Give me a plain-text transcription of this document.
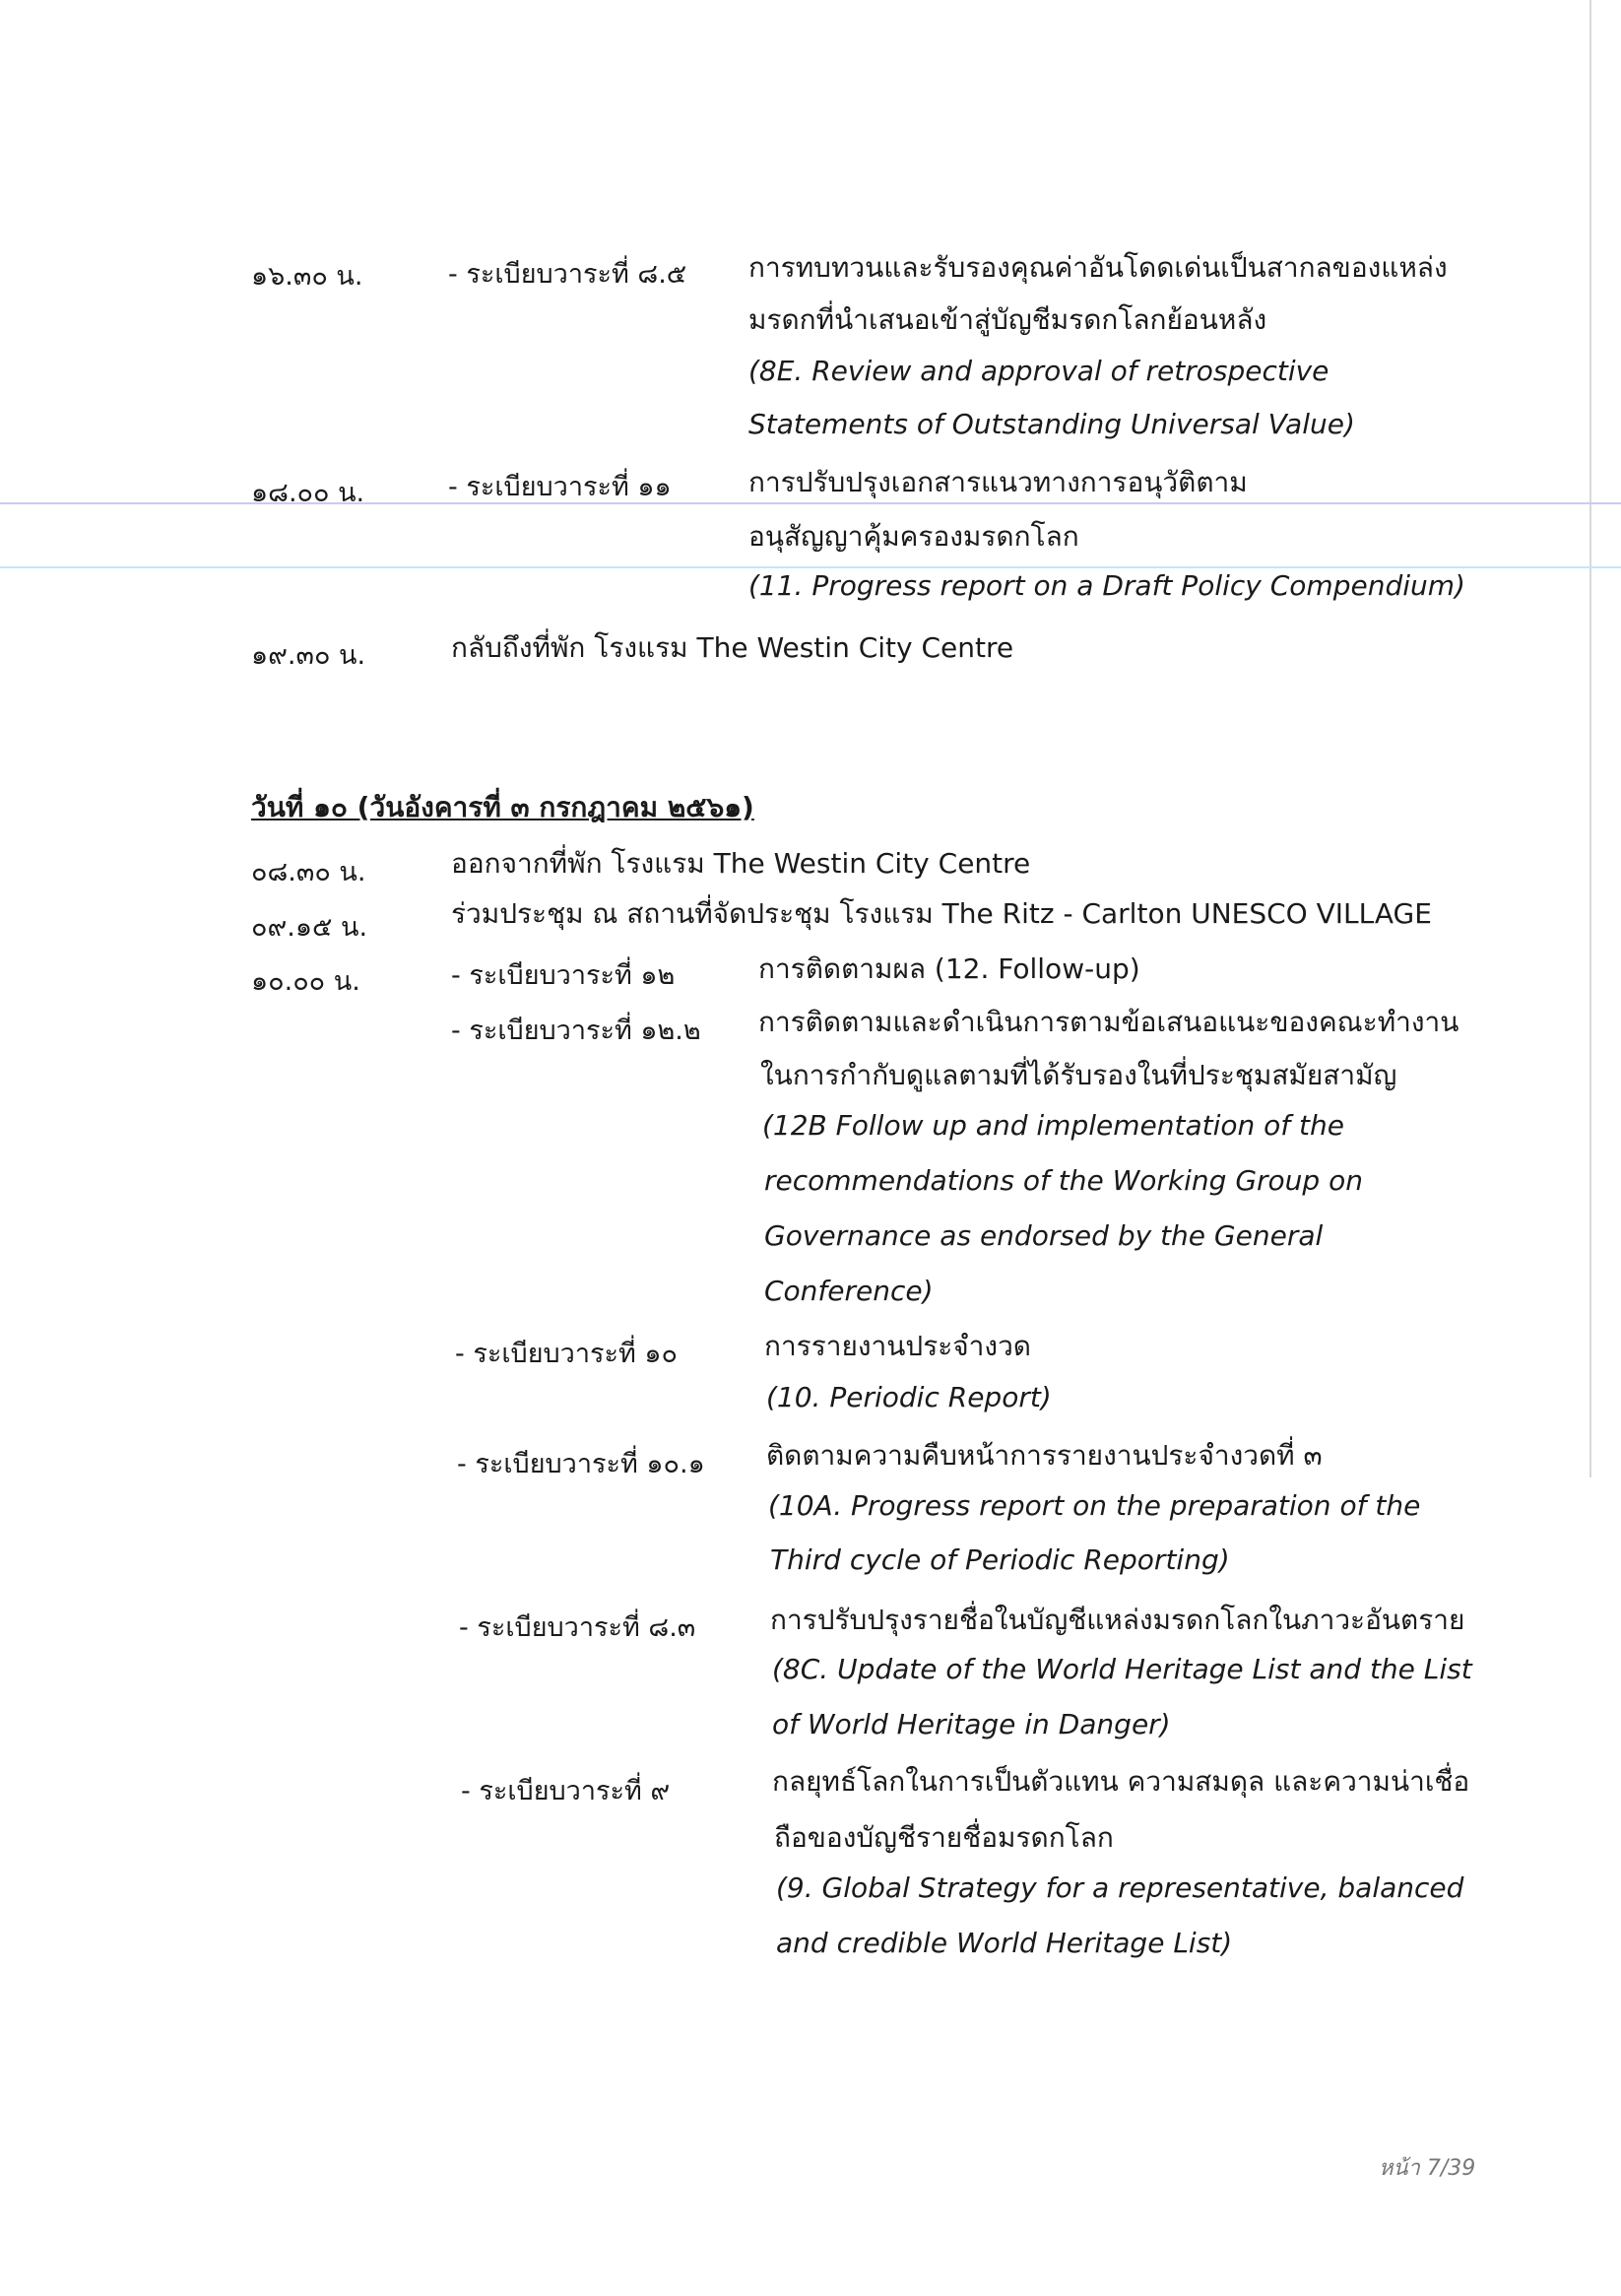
๑๖.๓๐ น.	- ระเบียบวาระที่ ๘.๕ การทบทวนและรับรองคุณค่าอันโดดเด่นเป็นสากลของแหล่ง
มรดกที่นำเสนอเข้าสู่บัญชีมรดกโลกย้อนหลัง
(8E. Review and approval of retrospective
Statements of Outstanding Universal Value)
๑๘.๐๐ น.	- ระเบียบวาระที่ ๑๑	การปรับปรุงเอกสารแนวทางการอนุวัติตาม
อนุสัญญาคุ้มครองมรดกโลก
(11. Progress report on a Draft Policy Compendium)
๑๙.๓๐ น.	กลับถึงที่พัก โรงแรม The Westin City Centre
วันที่ ๑๐ (วันอังคารที่ ๓ กรกฎาคม ๒๕๖๑)
๐๘.๓๐ น.	ออกจากที่พัก โรงแรม The Westin City Centre
๐๙.๑๕ น.	ร่วมประชุม ณ สถานที่จัดประชุม โรงแรม The Ritz - Carlton UNESCO VILLAGE
๑๐.๐๐ น.	- ระเบียบวาระที่ ๑๒	การติดตามผล (12. Follow-up)
- ระเบียบวาระที่ ๑๒.๒ การติดตามและดำเนินการตามข้อเสนอแนะของคณะทำงาน
ในการกำกับดูแลตามที่ได้รับรองในที่ประชุมสมัยสามัญ
(12B Follow up and implementation of the
recommendations of the Working Group on
Governance as endorsed by the General
Conference)
- ระเบียบวาระที่ ๑๐	การรายงานประจำงวด
(10. Periodic Report)
- ระเบียบวาระที่ ๑๐.๑ ติดตามความคืบหน้าการรายงานประจำงวดที่ ๓
(10A. Progress report on the preparation of the
Third cycle of Periodic Reporting)
- ระเบียบวาระที่ ๘.๓	การปรับปรุงรายชื่อในบัญชีแหล่งมรดกโลกในภาวะอันตราย
(8C. Update of the World Heritage List and the List
of World Heritage in Danger)
- ระเบียบวาระที่ ๙	กลยุทธ์โลกในการเป็นตัวแทน ความสมดุล และความน่าเชื่อ
ถือของบัญชีรายชื่อมรดกโลก
(9. Global Strategy for a representative, balanced
and credible World Heritage List)
หน้า 7/39
